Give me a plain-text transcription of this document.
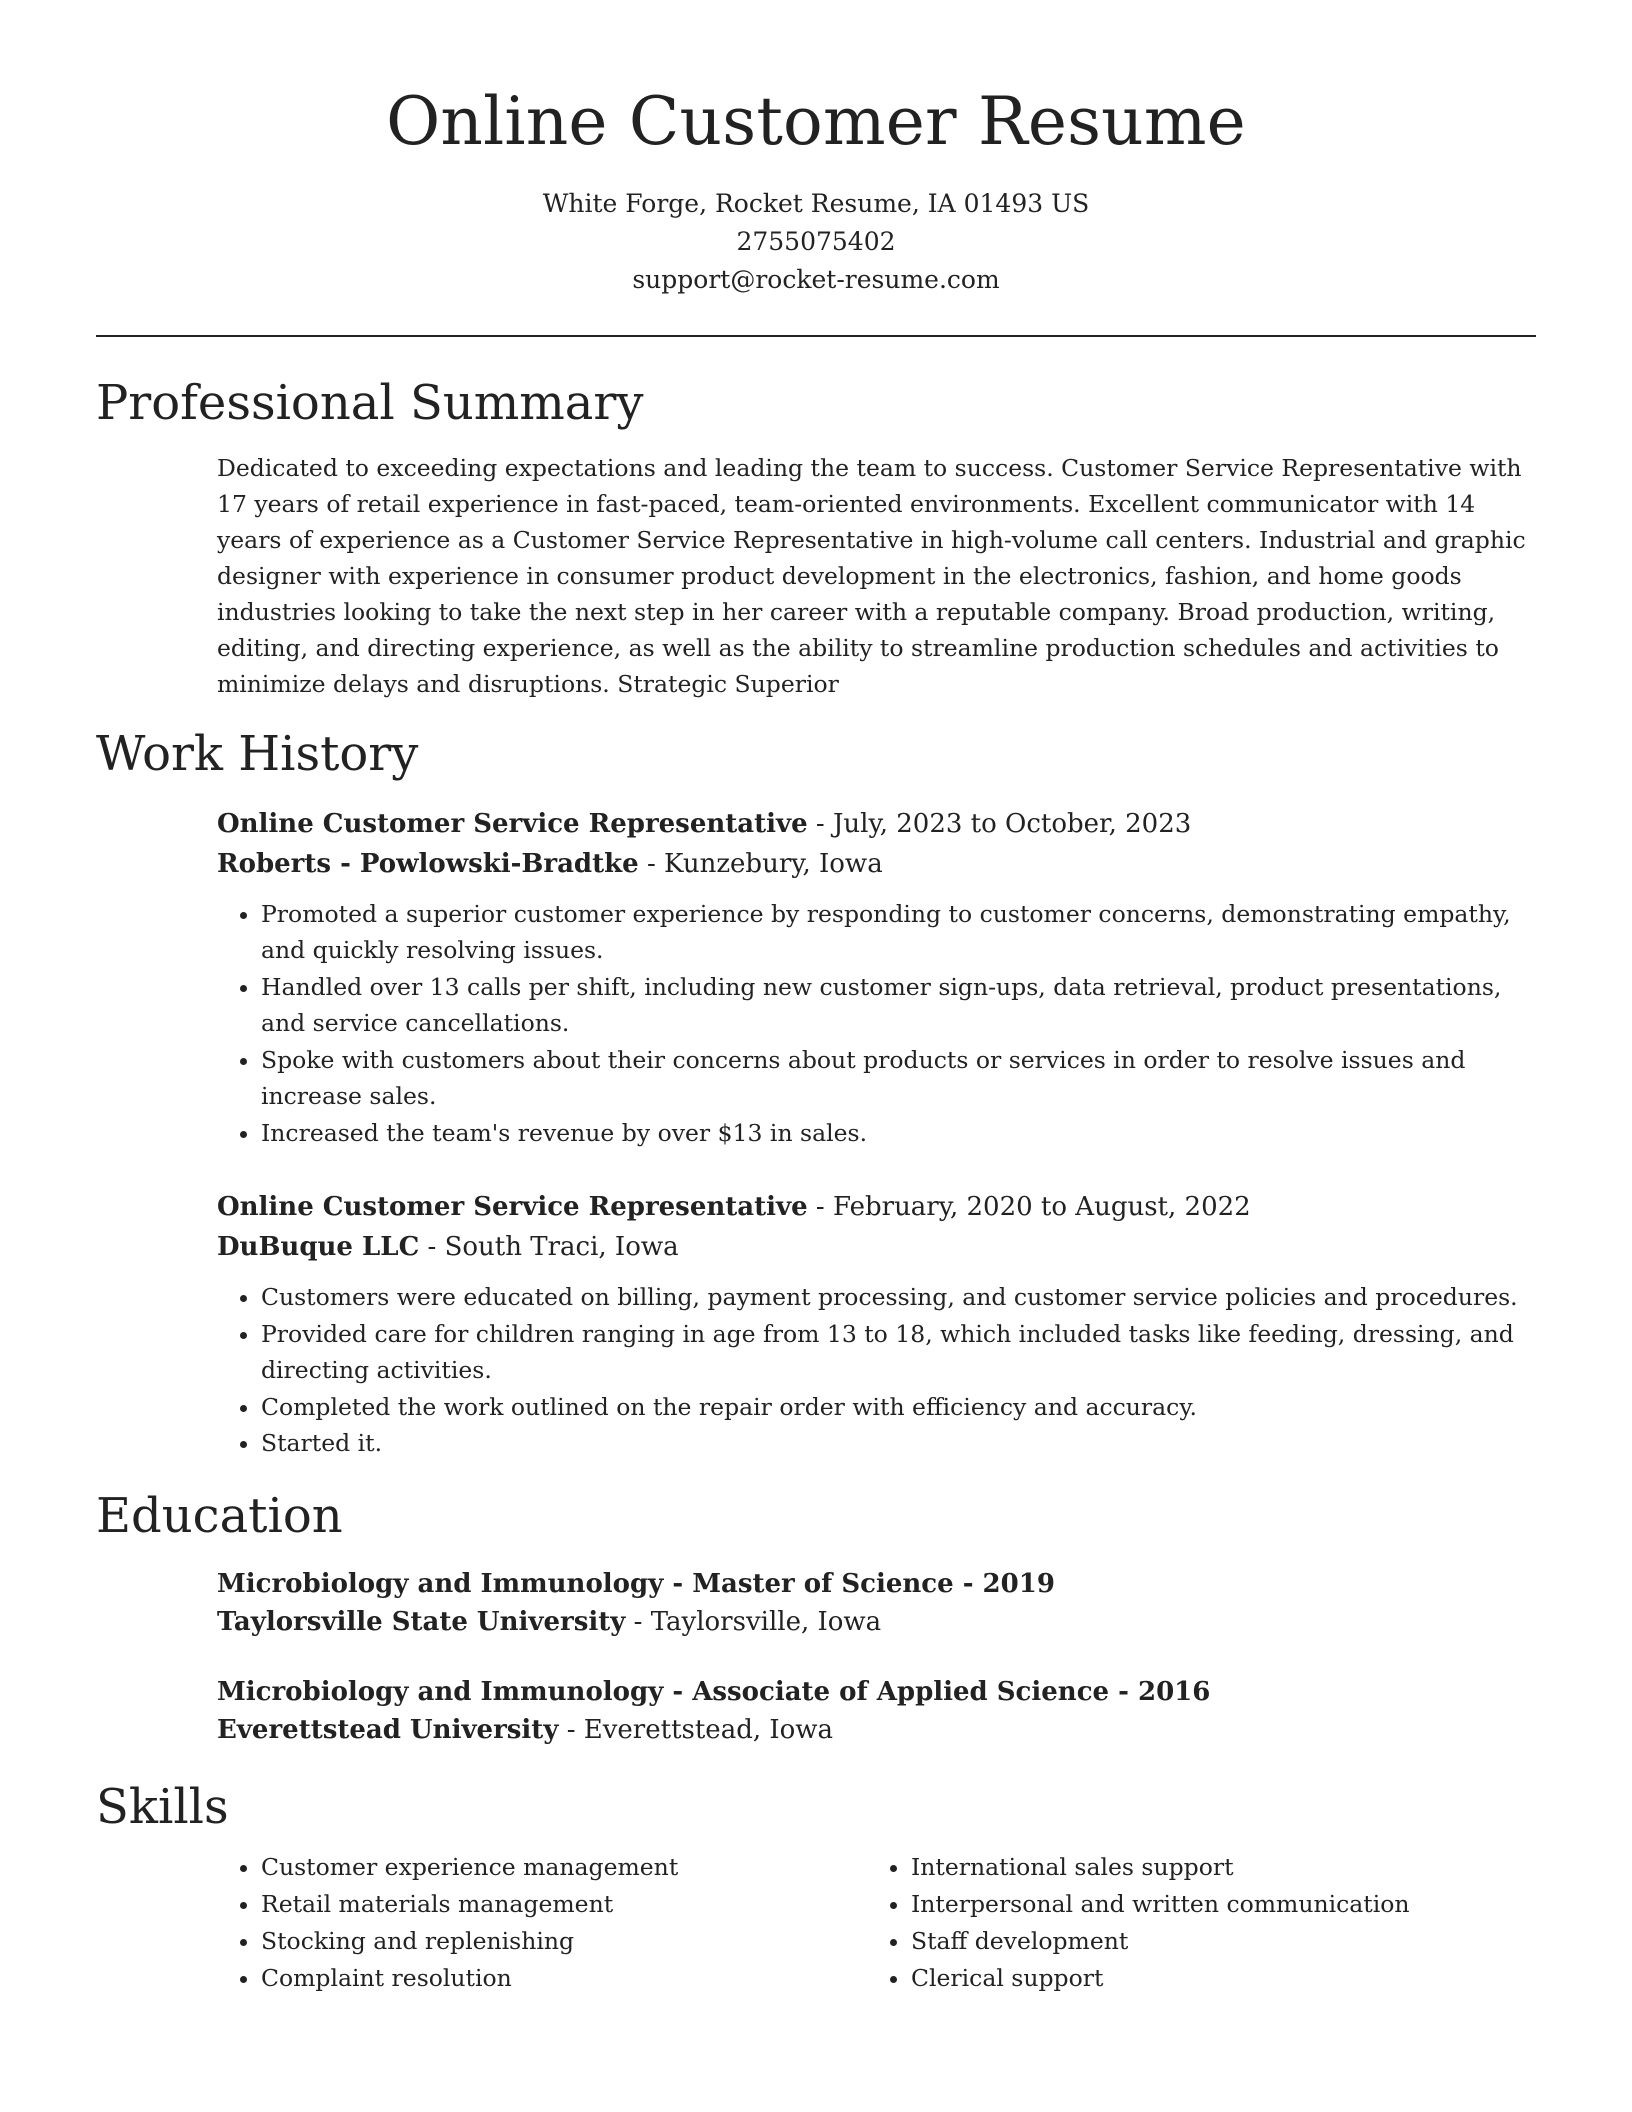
Online Customer Resume
White Forge, Rocket Resume, IA 01493 US
2755075402
support@rocket-resume.com
Professional Summary
Dedicated to exceeding expectations and leading the team to success. Customer Service Representative with 17 years of retail experience in fast-paced, team-oriented environments. Excellent communicator with 14 years of experience as a Customer Service Representative in high-volume call centers. Industrial and graphic designer with experience in consumer product development in the electronics, fashion, and home goods industries looking to take the next step in her career with a reputable company. Broad production, writing, editing, and directing experience, as well as the ability to streamline production schedules and activities to minimize delays and disruptions. Strategic Superior
Work History
Online Customer Service Representative - July, 2023 to October, 2023
Roberts - Powlowski-Bradtke - Kunzebury, Iowa
• Promoted a superior customer experience by responding to customer concerns, demonstrating empathy, and quickly resolving issues.
• Handled over 13 calls per shift, including new customer sign-ups, data retrieval, product presentations, and service cancellations.
• Spoke with customers about their concerns about products or services in order to resolve issues and increase sales.
• Increased the team's revenue by over $13 in sales.
Online Customer Service Representative - February, 2020 to August, 2022
DuBuque LLC - South Traci, Iowa
• Customers were educated on billing, payment processing, and customer service policies and procedures.
• Provided care for children ranging in age from 13 to 18, which included tasks like feeding, dressing, and directing activities.
• Completed the work outlined on the repair order with efficiency and accuracy.
• Started it.
Education
Microbiology and Immunology - Master of Science - 2019
Taylorsville State University - Taylorsville, Iowa
Microbiology and Immunology - Associate of Applied Science - 2016
Everettstead University - Everettstead, Iowa
Skills
• Customer experience management
• Retail materials management
• Stocking and replenishing
• Complaint resolution
• International sales support
• Interpersonal and written communication
• Staff development
• Clerical support
